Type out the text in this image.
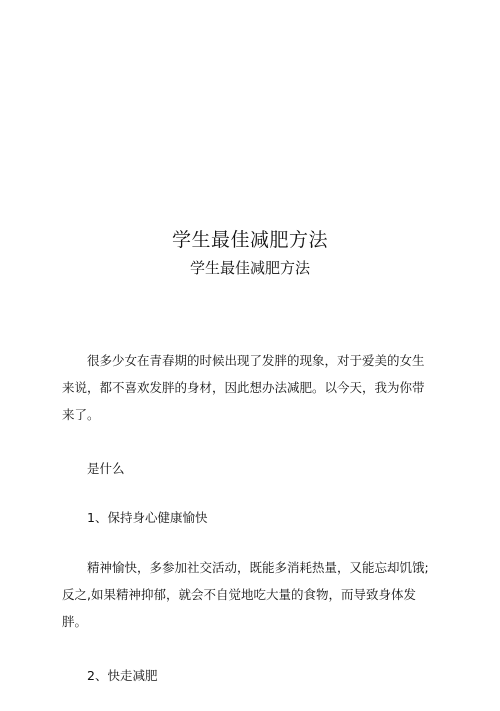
学生最佳减肥方法
学生最佳减肥方法

很多少女在青春期的时候出现了发胖的现象，对于爱美的女生来说，都不喜欢发胖的身材，因此想办法减肥。以今天，我为你带来了。

是什么

1、保持身心健康愉快

精神愉快，多参加社交活动，既能多消耗热量，又能忘却饥饿;反之,如果精神抑郁，就会不自觉地吃大量的食物，而导致身体发胖。

2、快走减肥
